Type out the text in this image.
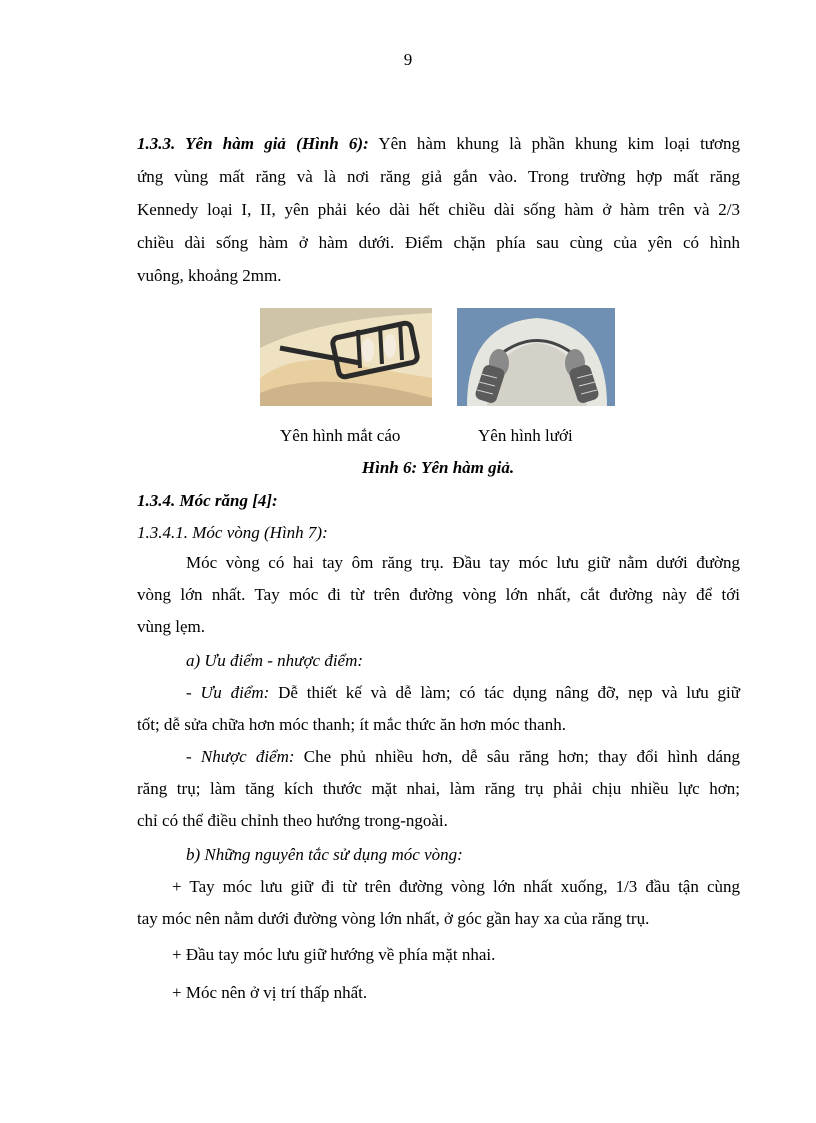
9
1.3.3. Yên hàm giả (Hình 6): Yên hàm khung là phần khung kim loại tương
ứng vùng mất răng và là nơi răng giả gắn vào. Trong trường hợp mất răng
Kennedy loại I, II, yên phải kéo dài hết chiều dài sống hàm ở hàm trên và 2/3
chiều dài sống hàm ở hàm dưới. Điểm chặn phía sau cùng của yên có hình
vuông, khoảng 2mm.
Yên hình mắt cáo	Yên hình lưới
Hình 6: Yên hàm giả.
1.3.4. Móc răng [4]:
1.3.4.1. Móc vòng (Hình 7):
Móc vòng có hai tay ôm răng trụ. Đầu tay móc lưu giữ nằm dưới đường
vòng lớn nhất. Tay móc đi từ trên đường vòng lớn nhất, cắt đường này để tới
vùng lẹm.
a) Ưu điểm - nhược điểm:
- Ưu điểm: Dễ thiết kế và dễ làm; có tác dụng nâng đỡ, nẹp và lưu giữ
tốt; dễ sửa chữa hơn móc thanh; ít mắc thức ăn hơn móc thanh.
- Nhược điểm: Che phủ nhiều hơn, dễ sâu răng hơn; thay đổi hình dáng
răng trụ; làm tăng kích thước mặt nhai, làm răng trụ phải chịu nhiều lực hơn;
chỉ có thể điều chỉnh theo hướng trong-ngoài.
b) Những nguyên tắc sử dụng móc vòng:
+ Tay móc lưu giữ đi từ trên đường vòng lớn nhất xuống, 1/3 đầu tận cùng
tay móc nên nằm dưới đường vòng lớn nhất, ở góc gần hay xa của răng trụ.
+ Đầu tay móc lưu giữ hướng về phía mặt nhai.
+ Móc nên ở vị trí thấp nhất.
